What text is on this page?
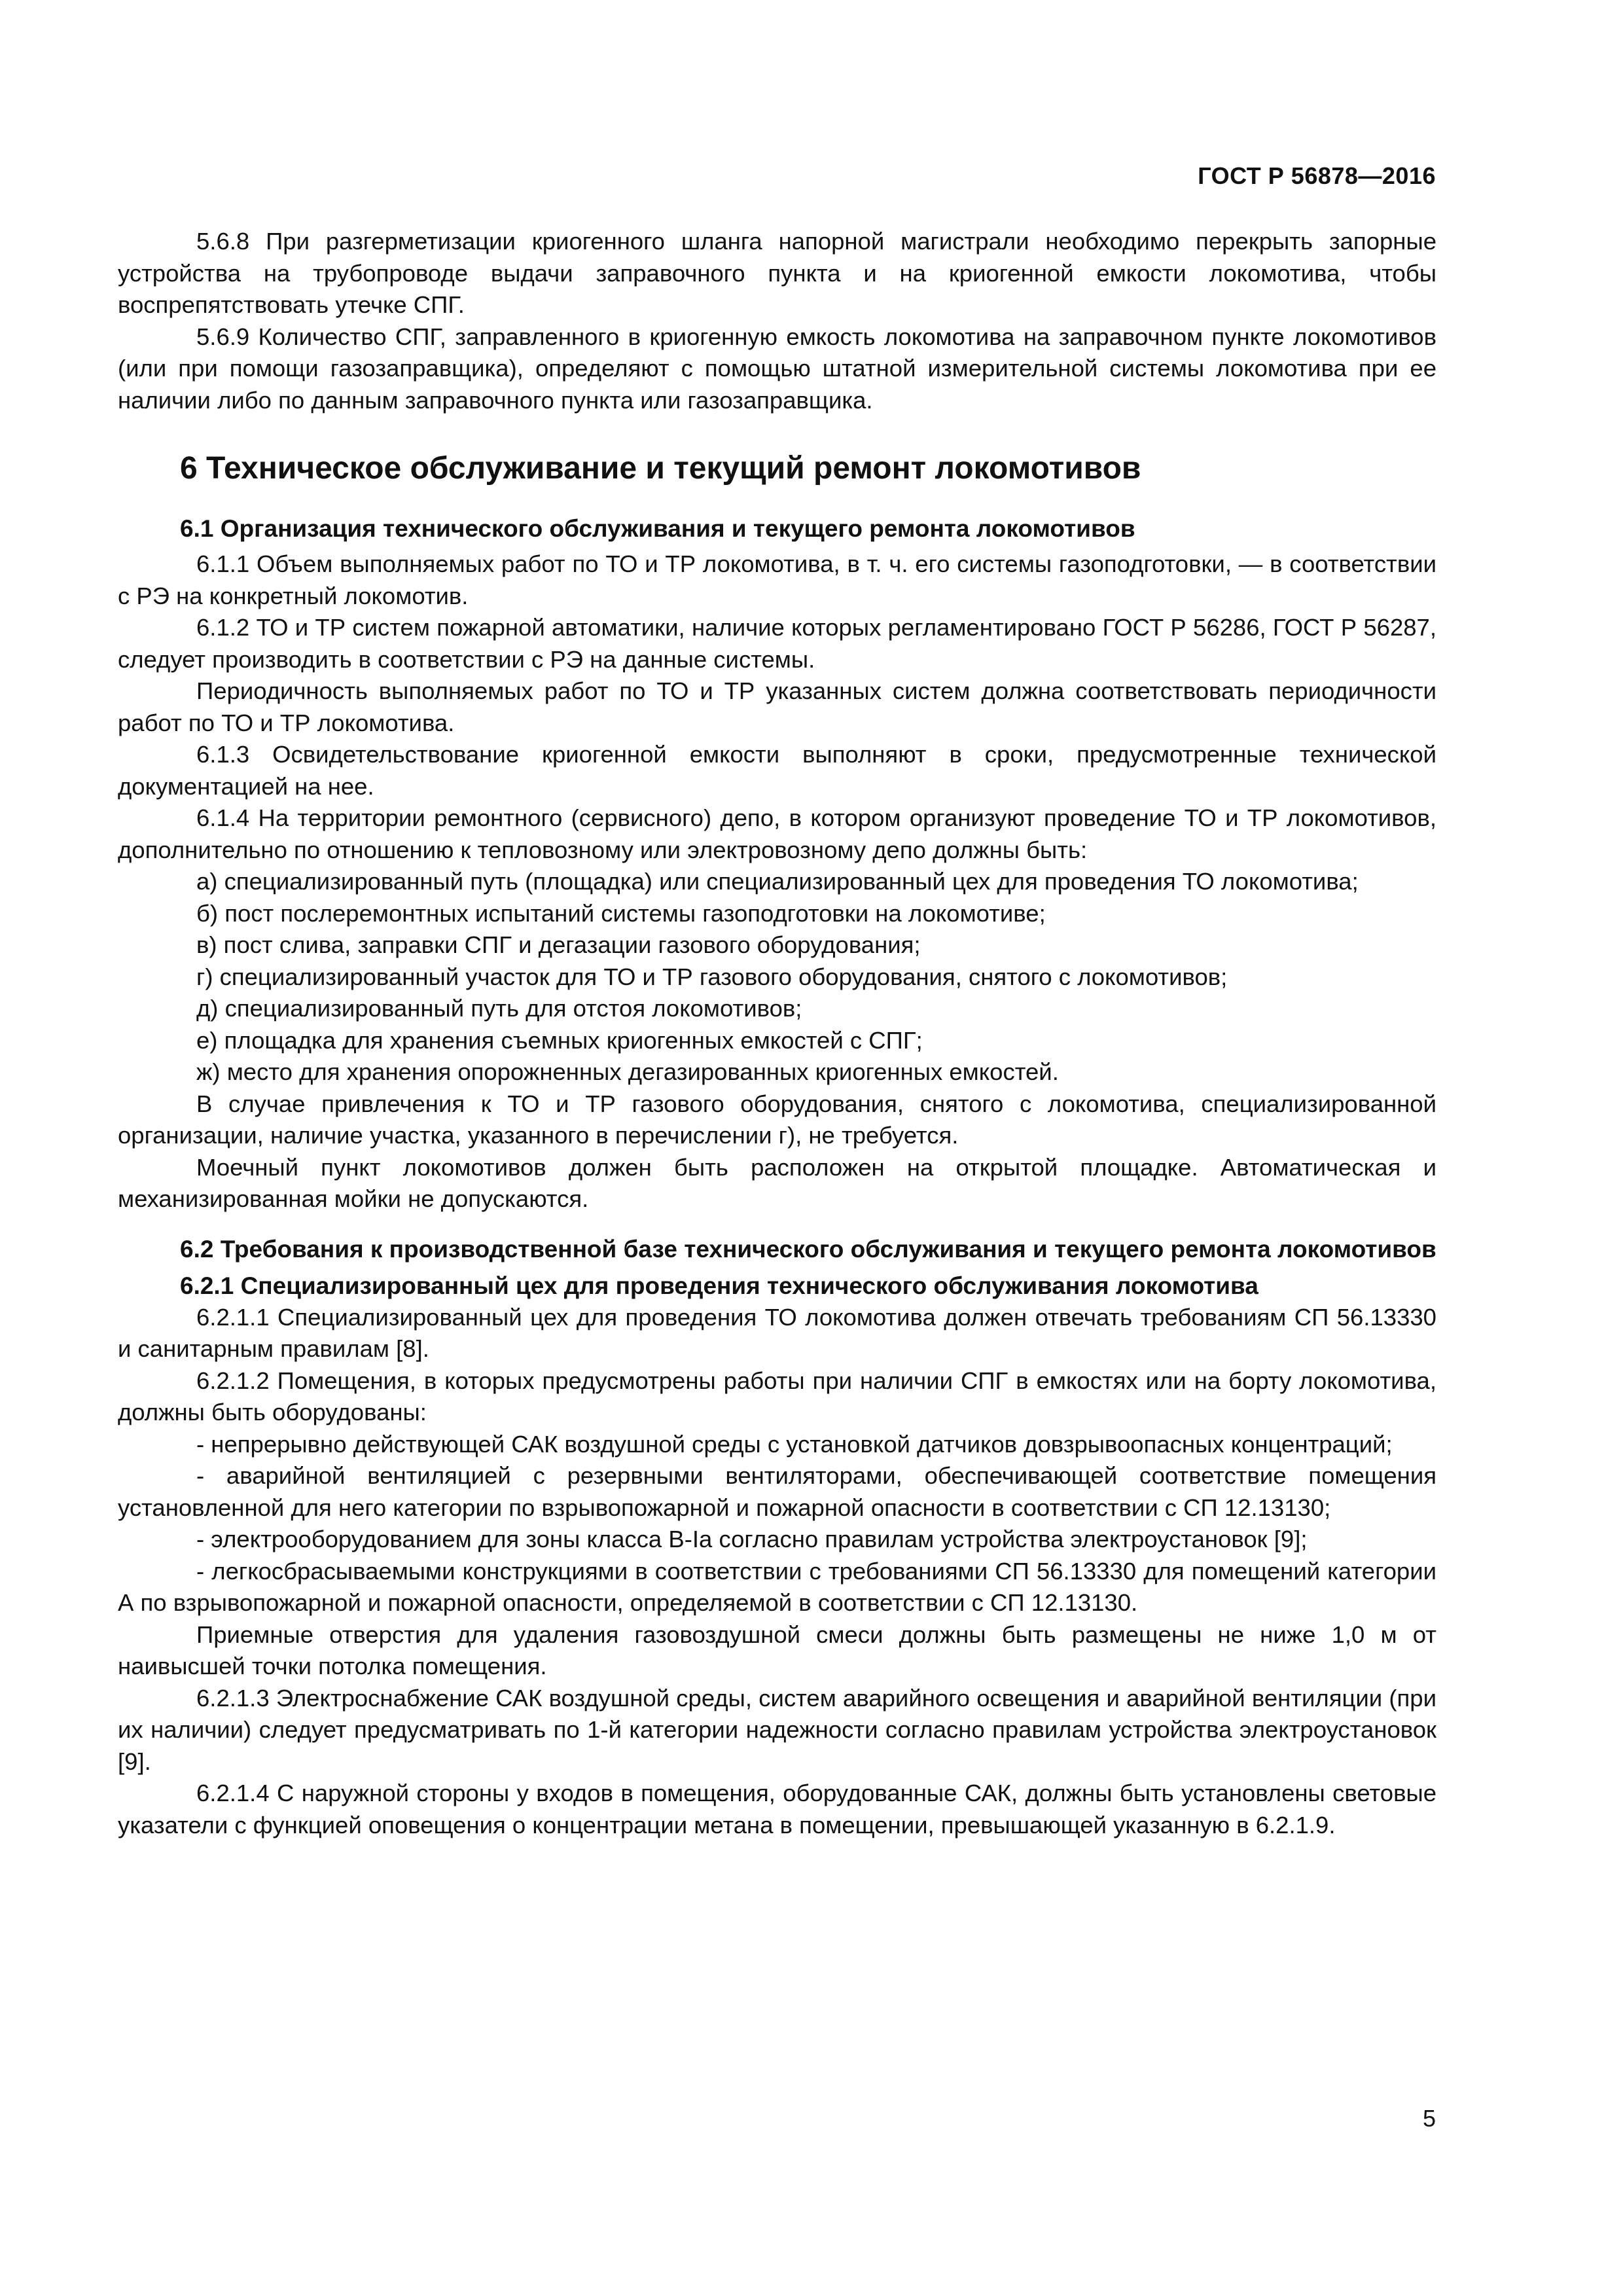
ГОСТ Р 56878—2016

5.6.8 При разгерметизации криогенного шланга напорной магистрали необходимо перекрыть запорные устройства на трубопроводе выдачи заправочного пункта и на криогенной емкости локомотива, чтобы воспрепятствовать утечке СПГ.

5.6.9 Количество СПГ, заправленного в криогенную емкость локомотива на заправочном пункте локомотивов (или при помощи газозаправщика), определяют с помощью штатной измерительной системы локомотива при ее наличии либо по данным заправочного пункта или газозаправщика.

6 Техническое обслуживание и текущий ремонт локомотивов
6.1 Организация технического обслуживания и текущего ремонта локомотивов

6.1.1 Объем выполняемых работ по ТО и ТР локомотива, в т. ч. его системы газоподготовки, — в соответствии с РЭ на конкретный локомотив.

6.1.2 ТО и ТР систем пожарной автоматики, наличие которых регламентировано ГОСТ Р 56286, ГОСТ Р 56287, следует производить в соответствии с РЭ на данные системы.

Периодичность выполняемых работ по ТО и ТР указанных систем должна соответствовать периодичности работ по ТО и ТР локомотива.

6.1.3 Освидетельствование криогенной емкости выполняют в сроки, предусмотренные технической документацией на нее.

6.1.4 На территории ремонтного (сервисного) депо, в котором организуют проведение ТО и ТР локомотивов, дополнительно по отношению к тепловозному или электровозному депо должны быть:

а) специализированный путь (площадка) или специализированный цех для проведения ТО локомотива;

б) пост послеремонтных испытаний системы газоподготовки на локомотиве;

в) пост слива, заправки СПГ и дегазации газового оборудования;

г) специализированный участок для ТО и ТР газового оборудования, снятого с локомотивов;

д) специализированный путь для отстоя локомотивов;

е) площадка для хранения съемных криогенных емкостей с СПГ;

ж) место для хранения опорожненных дегазированных криогенных емкостей.

В случае привлечения к ТО и ТР газового оборудования, снятого с локомотива, специализированной организации, наличие участка, указанного в перечислении г), не требуется.

Моечный пункт локомотивов должен быть расположен на открытой площадке. Автоматическая и механизированная мойки не допускаются.

6.2 Требования к производственной базе технического обслуживания и текущего ремонта локомотивов
6.2.1 Специализированный цех для проведения технического обслуживания локомотива

6.2.1.1 Специализированный цех для проведения ТО локомотива должен отвечать требованиям СП 56.13330 и санитарным правилам [8].

6.2.1.2 Помещения, в которых предусмотрены работы при наличии СПГ в емкостях или на борту локомотива, должны быть оборудованы:

- непрерывно действующей САК воздушной среды с установкой датчиков довзрывоопасных концентраций;

- аварийной вентиляцией с резервными вентиляторами, обеспечивающей соответствие помещения установленной для него категории по взрывопожарной и пожарной опасности в соответствии с СП 12.13130;

- электрооборудованием для зоны класса В-Iа согласно правилам устройства электроустановок [9];

- легкосбрасываемыми конструкциями в соответствии с требованиями СП 56.13330 для помещений категории А по взрывопожарной и пожарной опасности, определяемой в соответствии с СП 12.13130.

Приемные отверстия для удаления газовоздушной смеси должны быть размещены не ниже 1,0 м от наивысшей точки потолка помещения.

6.2.1.3 Электроснабжение САК воздушной среды, систем аварийного освещения и аварийной вентиляции (при их наличии) следует предусматривать по 1-й категории надежности согласно правилам устройства электроустановок [9].

6.2.1.4 С наружной стороны у входов в помещения, оборудованные САК, должны быть установлены световые указатели с функцией оповещения о концентрации метана в помещении, превышающей указанную в 6.2.1.9.

5
